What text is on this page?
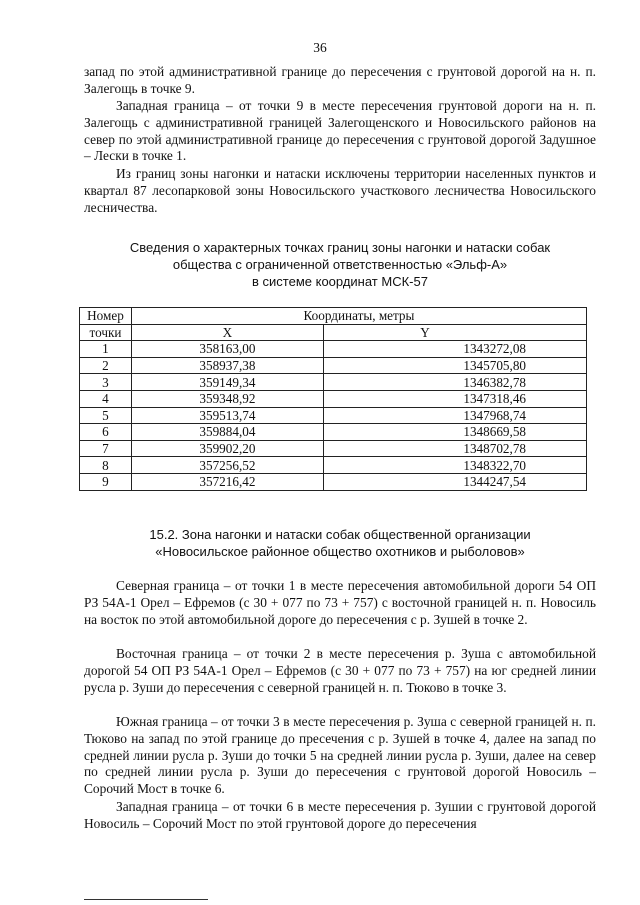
36

запад по этой административной границе до пересечения с грунтовой дорогой на н. п. Залегощь в точке 9.

Западная граница – от точки 9 в месте пересечения грунтовой дороги на н. п. Залегощь с административной границей Залегощенского и Новосильского районов на север по этой административной границе до пересечения с грунтовой дорогой Задушное – Лески в точке 1.

Из границ зоны нагонки и натаски исключены территории населенных пунктов и квартал 87 лесопарковой зоны Новосильского участкового лесничества Новосильского лесничества.

Сведения о характерных точках границ зоны нагонки и натаски собак
общества с ограниченной ответственностью «Эльф-А»
в системе координат МСК-57
Номер	Координаты, метры	
точки	X	Y
1	358163,00	1343272,08
2	358937,38	1345705,80
3	359149,34	1346382,78
4	359348,92	1347318,46
5	359513,74	1347968,74
6	359884,04	1348669,58
7	359902,20	1348702,78
8	357256,52	1348322,70
9	357216,42	1344247,54
15.2. Зона нагонки и натаски собак общественной организации
«Новосильское районное общество охотников и рыболовов»

Северная граница – от точки 1 в месте пересечения автомобильной дороги 54 ОП РЗ 54А-1 Орел – Ефремов (с 30 + 077 по 73 + 757) с восточной границей н. п. Новосиль на восток по этой автомобильной дороге до пересечения с р. Зушей в точке 2.

Восточная граница – от точки 2 в месте пересечения р. Зуша с автомобильной дорогой 54 ОП РЗ 54А-1 Орел – Ефремов (с 30 + 077 по 73 + 757) на юг средней линии русла р. Зуши до пересечения с северной границей н. п. Тюково в точке 3.

Южная граница – от точки 3 в месте пересечения р. Зуша с северной границей н. п. Тюково на запад по этой границе до пресечения с р. Зушей в точке 4, далее на запад по средней линии русла р. Зуши до точки 5 на средней линии русла р. Зуши, далее на север по средней линии русла р. Зуши до пересечения с грунтовой дорогой Новосиль – Сорочий Мост в точке 6.

Западная граница – от точки 6 в месте пересечения р. Зушии с грунтовой дорогой Новосиль – Сорочий Мост по этой грунтовой дороге до пересечения
